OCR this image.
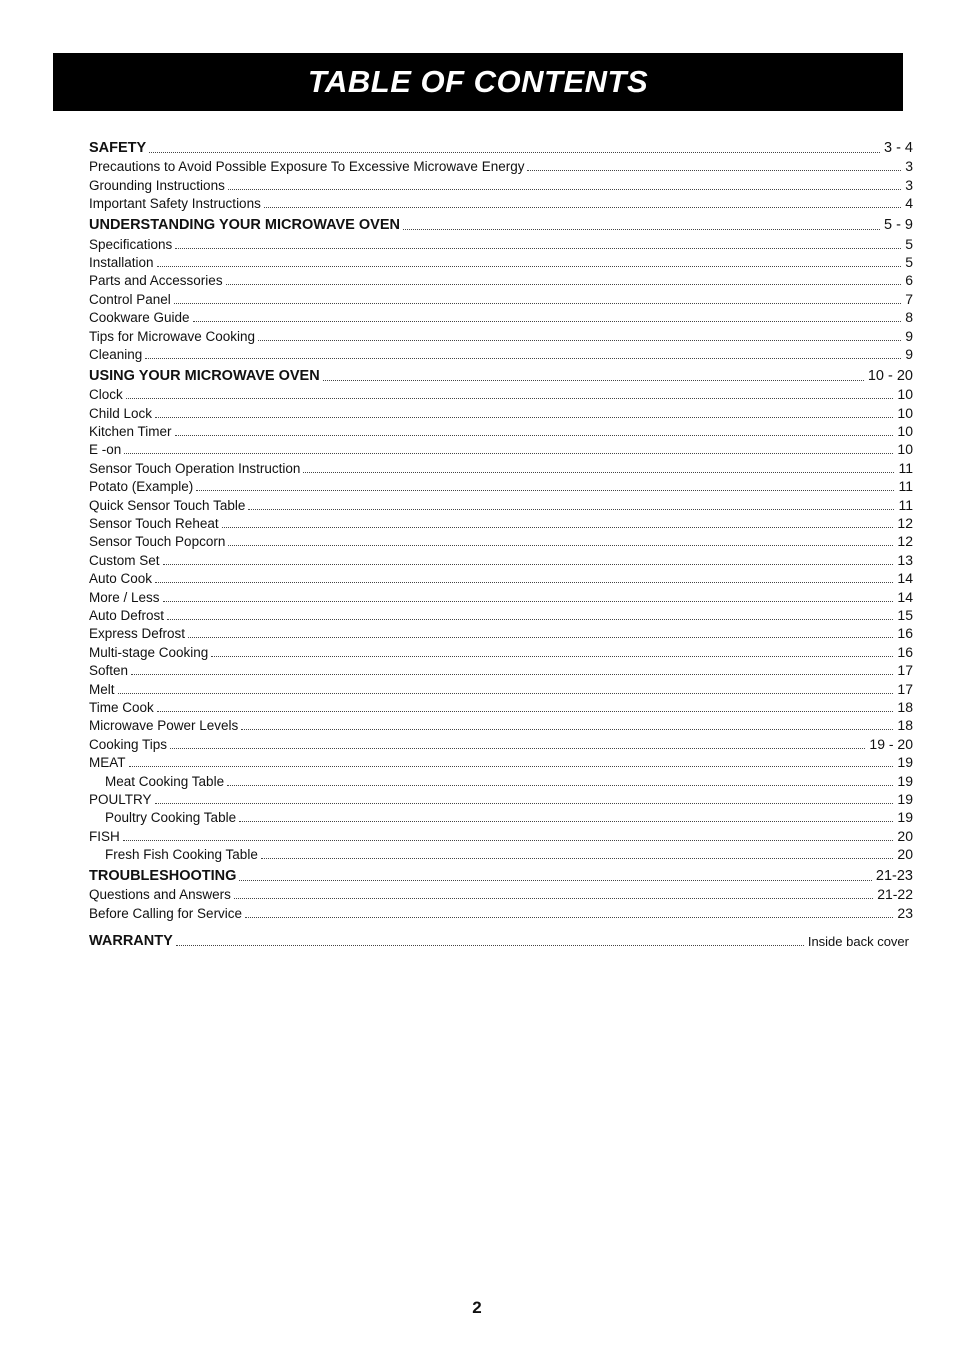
TABLE OF CONTENTS
SAFETY	3 - 4
Precautions to Avoid Possible Exposure To Excessive Microwave Energy	3
Grounding Instructions	3
Important Safety Instructions	4
UNDERSTANDING YOUR MICROWAVE OVEN	5 - 9
Specifications	5
Installation	5
Parts and Accessories	6
Control Panel	7
Cookware Guide	8
Tips for Microwave Cooking	9
Cleaning	9
USING YOUR MICROWAVE OVEN	10 - 20
Clock	10
Child Lock	10
Kitchen Timer	10
E -on	10
Sensor Touch Operation Instruction	11
Potato (Example)	11
Quick Sensor Touch Table	11
Sensor Touch Reheat	12
Sensor Touch Popcorn	12
Custom Set	13
Auto Cook	14
More / Less	14
Auto Defrost	15
Express Defrost	16
Multi-stage Cooking	16
Soften	17
Melt	17
Time Cook	18
Microwave Power Levels	18
Cooking Tips	19 - 20
MEAT	19
Meat Cooking Table	19
POULTRY	19
Poultry Cooking Table	19
FISH	20
Fresh Fish Cooking Table	20
TROUBLESHOOTING	21-23
Questions and Answers	21-22
Before Calling for Service	23
WARRANTY	Inside back cover
2
